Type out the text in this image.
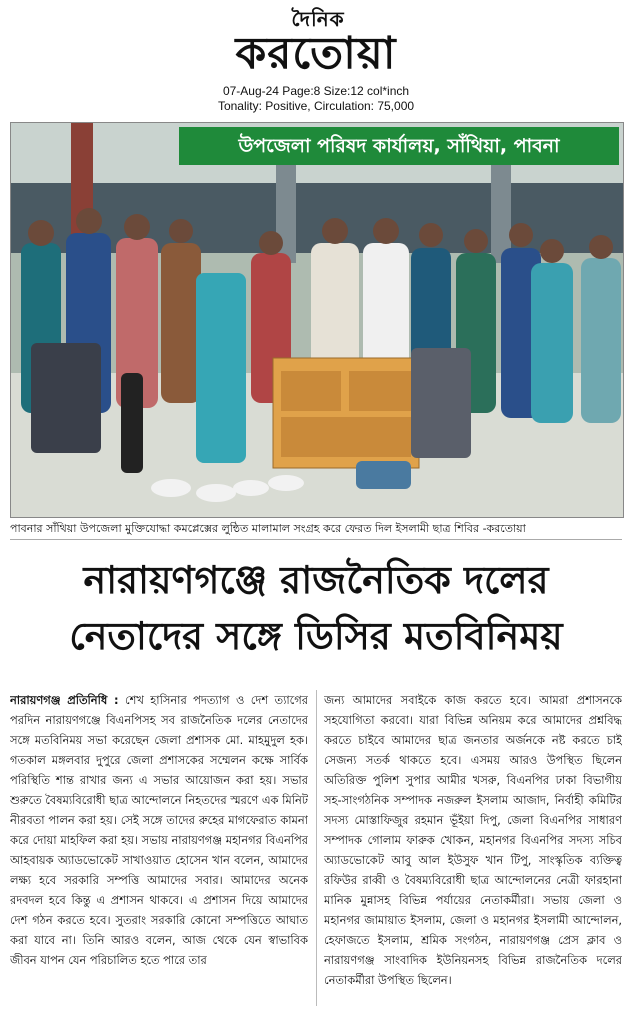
দৈনিক
করতোয়া
07-Aug-24 Page:8 Size:12 col*inch
Tonality: Positive, Circulation: 75,000
উপজেলা পরিষদ কার্যালয়, সাঁথিয়া, পাবনা
পাবনার সাঁথিয়া উপজেলা মুক্তিযোদ্ধা কমপ্লেক্সের লুন্ঠিত মালামাল সংগ্রহ করে ফেরত দিল ইসলামী ছাত্র শিবির -করতোয়া
নারায়ণগঞ্জে রাজনৈতিক দলের
নেতাদের সঙ্গে ডিসির মতবিনিময়
নারায়ণগঞ্জ প্রতিনিধি : শেখ হাসিনার পদত্যাগ ও দেশ ত্যাগের পরদিন নারায়ণগঞ্জে বিএনপিসহ সব রাজনৈতিক দলের নেতাদের সঙ্গে মতবিনিময় সভা করেছেন জেলা প্রশাসক মো. মাহমুদুল হক। গতকাল মঙ্গলবার দুপুরে জেলা প্রশাসকের সম্মেলন কক্ষে সার্বিক পরিস্থিতি শান্ত রাখার জন্য এ সভার আয়োজন করা হয়। সভার শুরুতে বৈষম্যবিরোধী ছাত্র আন্দোলনে নিহতদের স্মরণে এক মিনিট নীরবতা পালন করা হয়। সেই সঙ্গে তাদের রুহের মাগফেরাত কামনা করে দোয়া মাহফিল করা হয়। সভায় নারায়ণগঞ্জ মহানগর বিএনপির আহবায়ক অ্যাডভোকেট সাখাওয়াত হোসেন খান বলেন, আমাদের লক্ষ্য হবে সরকারি সম্পত্তি আমাদের সবার। আমাদের অনেক রদবদল হবে কিন্তু এ প্রশাসন থাকবে। এ প্রশাসন দিয়ে আমাদের দেশ গঠন করতে হবে। সুতরাং সরকারি কোনো সম্পত্তিতে আঘাত করা যাবে না। তিনি আরও বলেন, আজ থেকে যেন স্বাভাবিক জীবন যাপন যেন পরিচালিত হতে পারে তার
জন্য আমাদের সবাইকে কাজ করতে হবে। আমরা প্রশাসনকে সহযোগিতা করবো। যারা বিভিন্ন অনিয়ম করে আমাদের প্রশ্নবিদ্ধ করতে চাইবে আমাদের ছাত্র জনতার অর্জনকে নষ্ট করতে চাই সেজন্য সতর্ক থাকতে হবে। এসময় আরও উপস্থিত ছিলেন অতিরিক্ত পুলিশ সুপার আমীর খসরু, বিএনপির ঢাকা বিভাগীয় সহ-সাংগঠনিক সম্পাদক নজরুল ইসলাম আজাদ, নির্বাহী কমিটির সদস্য মোস্তাফিজুর রহমান ভূঁইয়া দিপু, জেলা বিএনপির সাধারণ সম্পাদক গোলাম ফারুক খোকন, মহানগর বিএনপির সদস্য সচিব অ্যাডভোকেট আবু আল ইউসুফ খান টিপু, সাংস্কৃতিক ব্যক্তিত্ব রফিউর রাব্বী ও বৈষম্যবিরোধী ছাত্র আন্দোলনের নেত্রী ফারহানা মানিক মুন্নাসহ বিভিন্ন পর্যায়ের নেতাকর্মীরা। সভায় জেলা ও মহানগর জামায়াত ইসলাম, জেলা ও মহানগর ইসলামী আন্দোলন, হেফাজতে ইসলাম, শ্রমিক সংগঠন, নারায়ণগঞ্জ প্রেস ক্লাব ও নারায়ণগঞ্জ সাংবাদিক ইউনিয়নসহ বিভিন্ন রাজনৈতিক দলের নেতাকর্মীরা উপস্থিত ছিলেন।
